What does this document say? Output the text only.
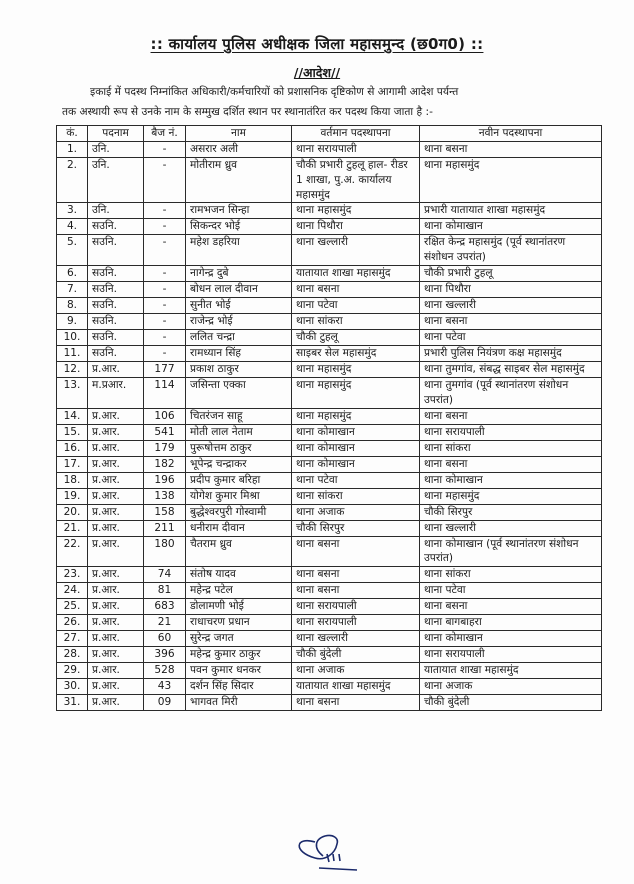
:: कार्यालय पुलिस अधीक्षक जिला महासमुन्द (छ0ग0) ::
//आदेश//
इकाई में पदस्थ निम्नांकित अधिकारी/कर्मचारियों को प्रशासनिक दृष्टिकोण से आगामी आदेश पर्यन्त
तक अस्थायी रूप से उनके नाम के सम्मुख दर्शित स्थान पर स्थानातंरित कर पदस्थ किया जाता है :-
कं.	पदनाम	बैज नं.	नाम	वर्तमान पदस्थापना	नवीन पदस्थापना
1.	उनि.	-	असरार अली	थाना सरायपाली	थाना बसना
2.	उनि.	-	मोतीराम ध्रुव	चौकी प्रभारी टुहलू हाल- रीडर 1 शाखा, पु.अ. कार्यालय महासमुंद	थाना महासमुंद
3.	उनि.	-	रामभजन सिन्हा	थाना महासमुंद	प्रभारी यातायात शाखा महासमुंद
4.	सउनि.	-	सिकन्दर भोई	थाना पिथौरा	थाना कोमाखान
5.	सउनि.	-	महेश डहरिया	थाना खल्लारी	रक्षित केन्द्र महासमुंद (पूर्व स्थानांतरण संशोधन उपरांत)
6.	सउनि.	-	नागेन्द्र दुबे	यातायात शाखा महासमुंद	चौकी प्रभारी टुहलू
7.	सउनि.	-	बोधन लाल दीवान	थाना बसना	थाना पिथौरा
8.	सउनि.	-	सुनीत भोई	थाना पटेवा	थाना खल्लारी
9.	सउनि.	-	राजेन्द्र भोई	थाना सांकरा	थाना बसना
10.	सउनि.	-	ललित चन्द्रा	चौकी टुहलू	थाना पटेवा
11.	सउनि.	-	रामध्यान सिंह	साइबर सेल महासमुंद	प्रभारी पुलिस नियंत्रण कक्ष महासमुंद
12.	प्र.आर.	177	प्रकाश ठाकुर	थाना महासमुंद	थाना तुमगांव, संबद्ध साइबर सेल महासमुंद
13.	म.प्रआर.	114	जसिन्ता एक्का	थाना महासमुंद	थाना तुमगांव (पूर्व स्थानांतरण संशोधन उपरांत)
14.	प्र.आर.	106	चितरंजन साहू	थाना महासमुंद	थाना बसना
15.	प्र.आर.	541	मोती लाल नेताम	थाना कोमाखान	थाना सरायपाली
16.	प्र.आर.	179	पुरूषोत्तम ठाकुर	थाना कोमाखान	थाना सांकरा
17.	प्र.आर.	182	भूपेन्द्र चन्द्राकर	थाना कोमाखान	थाना बसना
18.	प्र.आर.	196	प्रदीप कुमार बरिहा	थाना पटेवा	थाना कोमाखान
19.	प्र.आर.	138	योगेश कुमार मिश्रा	थाना सांकरा	थाना महासमुंद
20.	प्र.आर.	158	बुद्धेश्वरपुरी गोस्वामी	थाना अजाक	चौकी सिरपुर
21.	प्र.आर.	211	धनीराम दीवान	चौकी सिरपुर	थाना खल्लारी
22.	प्र.आर.	180	चैतराम ध्रुव	थाना बसना	थाना कोमाखान (पूर्व स्थानांतरण संशोधन उपरांत)
23.	प्र.आर.	74	संतोष यादव	थाना बसना	थाना सांकरा
24.	प्र.आर.	81	महेन्द्र पटेल	थाना बसना	थाना पटेवा
25.	प्र.आर.	683	डोलामणी भोई	थाना सरायपाली	थाना बसना
26.	प्र.आर.	21	राधाचरण प्रधान	थाना सरायपाली	थाना बागबाहरा
27.	प्र.आर.	60	सुरेन्द्र जगत	थाना खल्लारी	थाना कोमाखान
28.	प्र.आर.	396	महेन्द्र कुमार ठाकुर	चौकी बुंदेली	थाना सरायपाली
29.	प्र.आर.	528	पवन कुमार धनकर	थाना अजाक	यातायात शाखा महासमुंद
30.	प्र.आर.	43	दर्शन सिंह सिदार	यातायात शाखा महासमुंद	थाना अजाक
31.	प्र.आर.	09	भागवत मिरी	थाना बसना	चौकी बुंदेली
